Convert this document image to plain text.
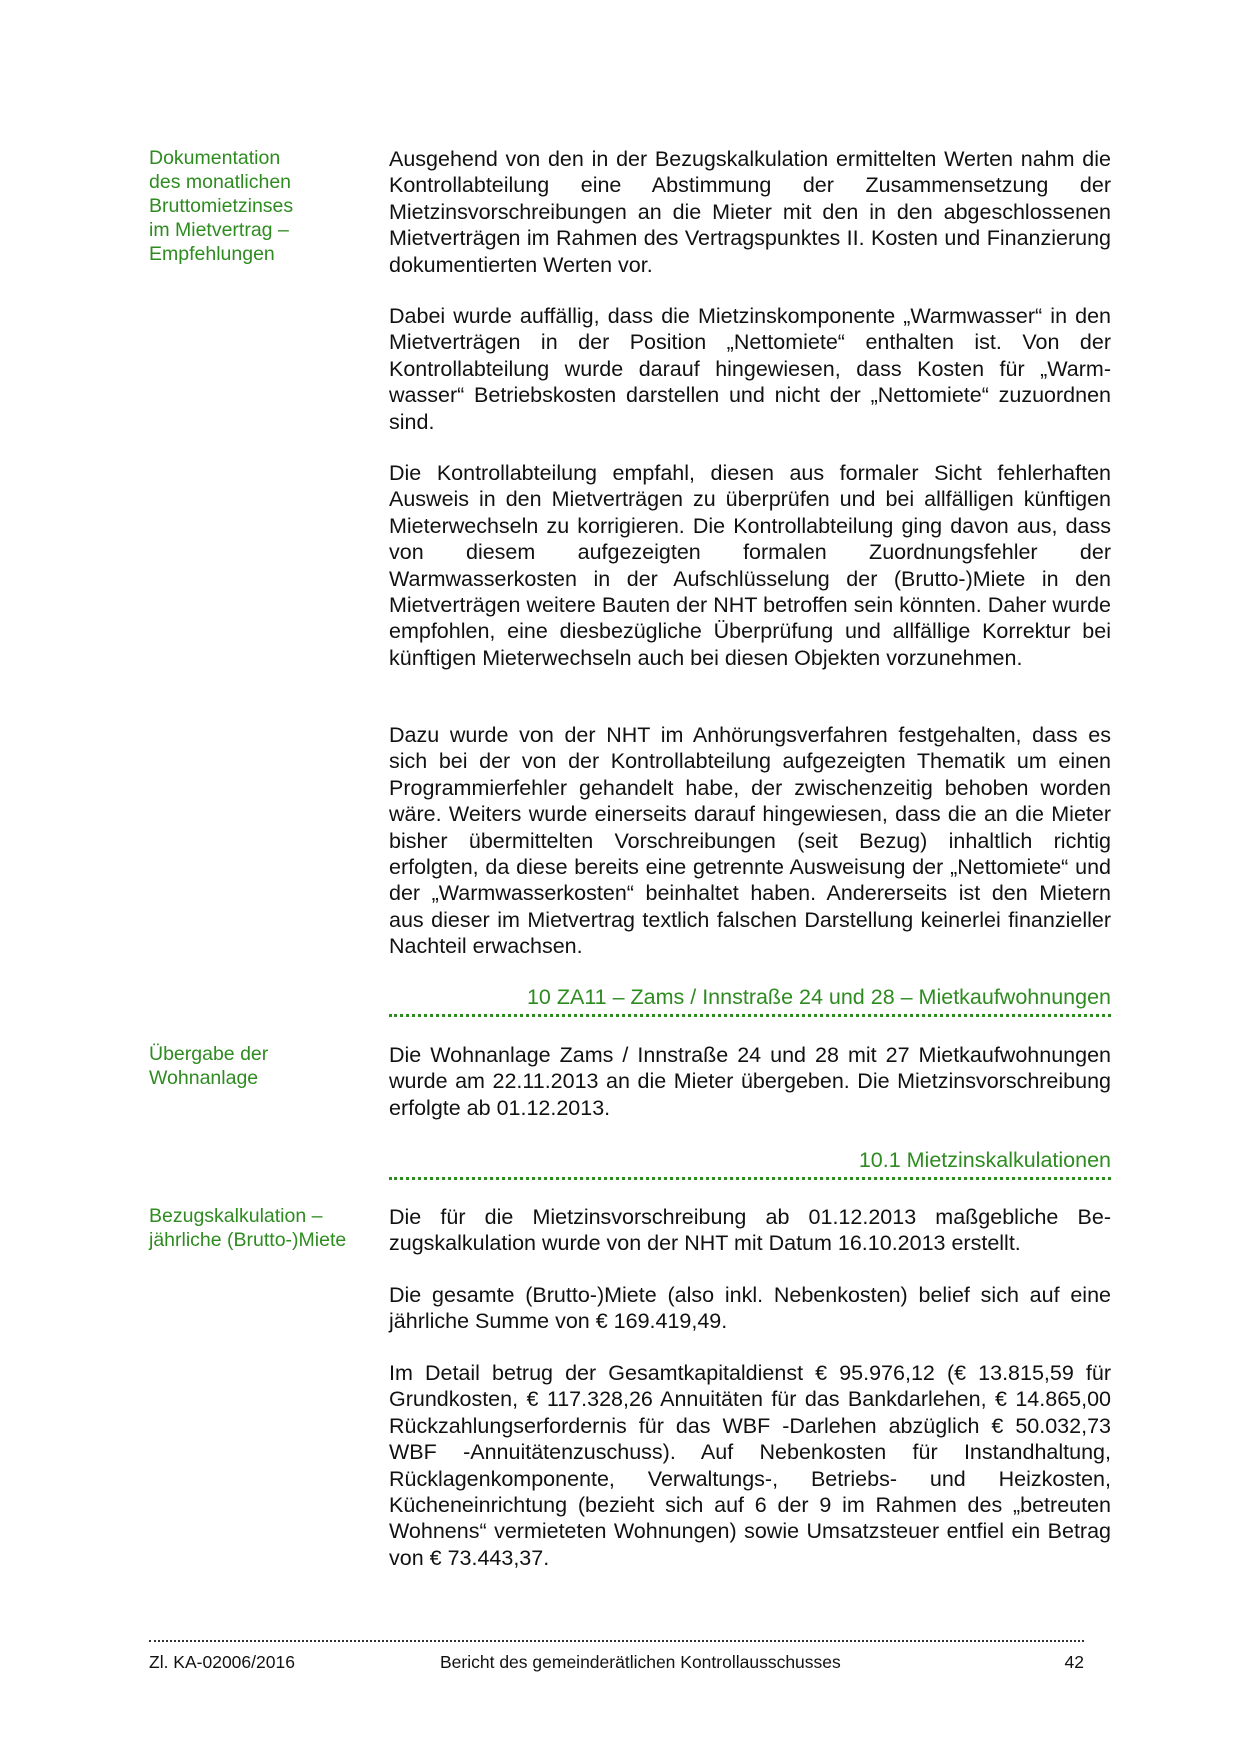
Dokumentation
des monatlichen
Bruttomietzinses
im Mietvertrag –
Empfehlungen
Ausgehend von den in der Bezugskalkulation ermittelten Werten nahm die Kontrollabteilung eine Abstimmung der Zusammensetzung der Mietzinsvorschreibungen an die Mieter mit den in den abgeschlossenen Mietverträgen im Rahmen des Vertragspunktes II. Kosten und Finanzierung dokumentierten Werten vor.
Dabei wurde auffällig, dass die Mietzinskomponente „Warmwasser“ in den Mietverträgen in der Position „Nettomiete“ enthalten ist. Von der Kontrollabteilung wurde darauf hingewiesen, dass Kosten für „Warmwasser“ Betriebskosten darstellen und nicht der „Nettomiete“ zuzuordnen sind.
Die Kontrollabteilung empfahl, diesen aus formaler Sicht fehlerhaften Ausweis in den Mietverträgen zu überprüfen und bei allfälligen künftigen Mieterwechseln zu korrigieren. Die Kontrollabteilung ging davon aus, dass von diesem aufgezeigten formalen Zuordnungsfehler der Warmwasserkosten in der Aufschlüsselung der (Brutto-)Miete in den Mietverträgen weitere Bauten der NHT betroffen sein könnten. Daher wurde empfohlen, eine diesbezügliche Überprüfung und allfällige Korrektur bei künftigen Mieterwechseln auch bei diesen Objekten vorzunehmen.
Dazu wurde von der NHT im Anhörungsverfahren festgehalten, dass es sich bei der von der Kontrollabteilung aufgezeigten Thematik um einen Programmierfehler gehandelt habe, der zwischenzeitig behoben worden wäre. Weiters wurde einerseits darauf hingewiesen, dass die an die Mieter bisher übermittelten Vorschreibungen (seit Bezug) inhaltlich richtig erfolgten, da diese bereits eine getrennte Ausweisung der „Nettomiete“ und der „Warmwasserkosten“ beinhaltet haben. Andererseits ist den Mietern aus dieser im Mietvertrag textlich falschen Darstellung keinerlei finanzieller Nachteil erwachsen.
10 ZA11 – Zams / Innstraße 24 und 28 – Mietkaufwohnungen
Übergabe der
Wohnanlage
Die Wohnanlage Zams / Innstraße 24 und 28 mit 27 Mietkaufwohnungen wurde am 22.11.2013 an die Mieter übergeben. Die Mietzinsvorschreibung erfolgte ab 01.12.2013.
10.1 Mietzinskalkulationen
Bezugskalkulation –
jährliche (Brutto-)Miete
Die für die Mietzinsvorschreibung ab 01.12.2013 maßgebliche Bezugskalkulation wurde von der NHT mit Datum 16.10.2013 erstellt.
Die gesamte (Brutto-)Miete (also inkl. Nebenkosten) belief sich auf eine jährliche Summe von € 169.419,49.
Im Detail betrug der Gesamtkapitaldienst € 95.976,12 (€ 13.815,59 für Grundkosten, € 117.328,26 Annuitäten für das Bankdarlehen, € 14.865,00 Rückzahlungserfordernis für das WBF -Darlehen abzüglich € 50.032,73 WBF -Annuitätenzuschuss). Auf Nebenkosten für Instandhaltung, Rücklagenkomponente, Verwaltungs-, Betriebs- und Heizkosten, Kücheneinrichtung (bezieht sich auf 6 der 9 im Rahmen des „betreuten Wohnens“ vermieteten Wohnungen) sowie Umsatzsteuer entfiel ein Betrag von € 73.443,37.
Zl. KA-02006/2016	Bericht des gemeinderätlichen Kontrollausschusses	42
